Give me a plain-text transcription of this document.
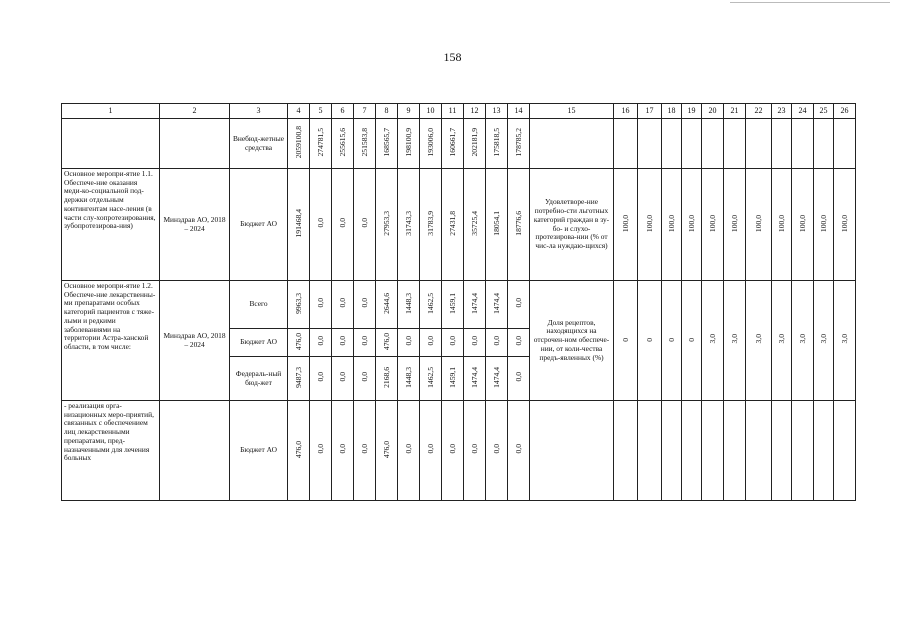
158
1	2	3	4	5	6	7	8	9	10	11	12	13	14	15	16	17	18	19	20	21	22	23	24	25	26
		Внебюд-жетные средства	2059100,8	274781,5	255615,6	251583,8	168565,7	198100,9	193006,0	160661,7	202181,9	175818,5	178785,2												
Основное меропри-ятие 1.1. Обеспече-ние оказания меди-ко-социальной под-держки отдельным контингентам насе-ления (в части слу-хопротезирования, зубопротезирова-ния)	Минздрав АО, 2018 – 2024	Бюджет АО	191468,4	0,0	0,0	0,0	27953,3	31743,3	31783,9	27431,8	35725,4	18054,1	18776,6	Удовлетворе-ние потребно-сти льготных категорий граждан в зу-бо- и слухо-протезирова-нии (% от чис-ла нуждаю-щихся)	100,0	100,0	100,0	100,0	100,0	100,0	100,0	100,0	100,0	100,0	100,0
Основное меропри-ятие 1.2. Обеспече-ние лекарственны-ми препаратами особых категорий пациентов с тяже-лыми и редкими заболеваниями на территории Астра-ханской области, в том числе:	Минздрав АО, 2018 – 2024	Всего	9963,3	0,0	0,0	0,0	2644,6	1448,3	1462,5	1459,1	1474,4	1474,4	0,0	Доля рецептов, находящихся на отсрочен-ном обеспече-нии, от коли-чества предъ-явленных (%)	0	0	0	0	3,0	3,0	3,0	3,0	3,0	3,0	3,0
		Бюджет АО	476,0	0,0	0,0	0,0	476,0	0,0	0,0	0,0	0,0	0,0	0,0												
		Федераль-ный бюд-жет	9487,3	0,0	0,0	0,0	2168,6	1448,3	1462,5	1459,1	1474,4	1474,4	0,0												
- реализация орга-низационных меро-приятий, связанных с обеспечением лиц лекарственными препаратами, пред-назначенными для лечения больных		Бюджет АО	476,0	0,0	0,0	0,0	476,0	0,0	0,0	0,0	0,0	0,0	0,0												
